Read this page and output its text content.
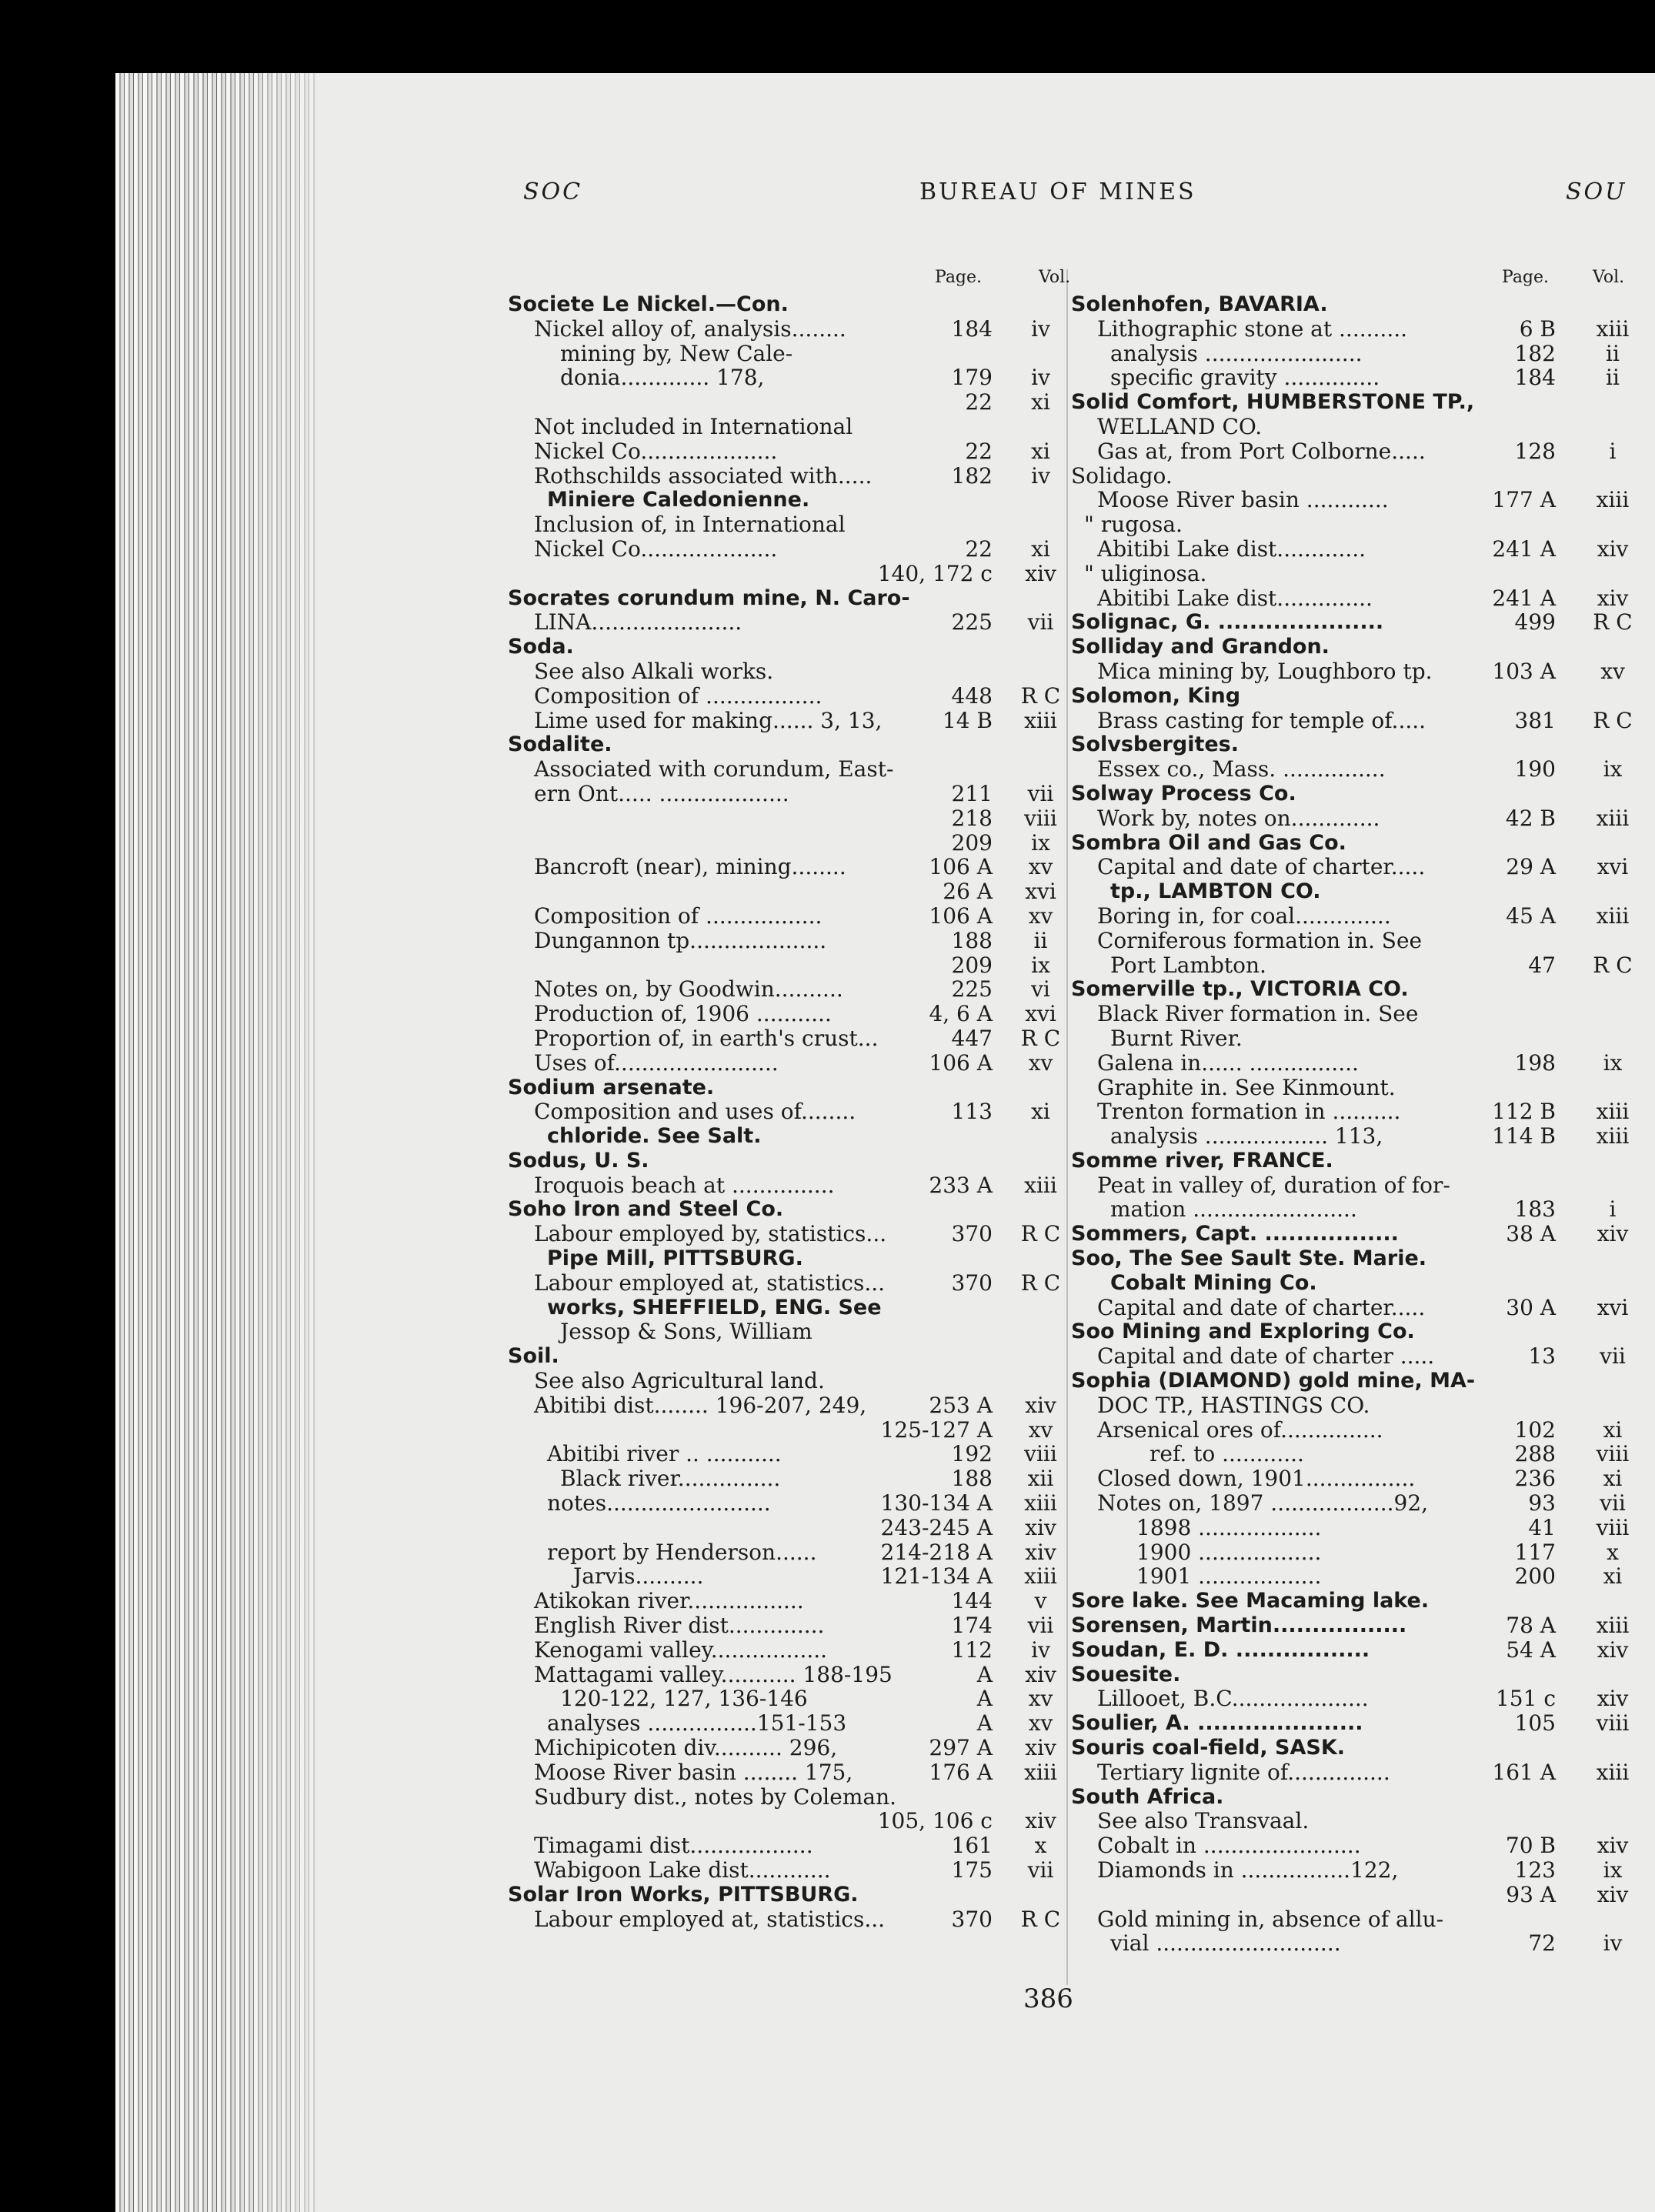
SOC	BUREAU OF MINES	SOU
Page.	Vol.
Societe Le Nickel.—Con.
Nickel alloy of, analysis........	184	iv
mining by, New Cale-
donia............. 178,	179	iv
22	xi
Not included in International
Nickel Co....................	22	xi
Rothschilds associated with.....	182	iv
Miniere Caledonienne.
Inclusion of, in International
Nickel Co....................	22	xi
140, 172 c xiv
Socrates corundum mine, N. Caro-
LINA......................	225	vii
Soda.
See also Alkali works.
Composition of .................	448 R C
Lime used for making...... 3, 13,	14 B xiii
Sodalite.
Associated with corundum, East-
ern Ont..... ...................	211	vii
218 viii
209	ix
Bancroft (near), mining........	106 A	xv
26 A xvi
Composition of .................	106 A	xv
Dungannon tp....................	188	ii
209	ix
Notes on, by Goodwin..........	225	vi
Production of, 1906 ...........	4, 6 A xvi
Proportion of, in earth's crust...	447 R C
Uses of........................	106 A	xv
Sodium arsenate.
Composition and uses of........	113	xi
chloride. See Salt.
Sodus, U. S.
Iroquois beach at ...............	233 A xiii
Soho Iron and Steel Co.
Labour employed by, statistics...	370 R C
Pipe Mill, PITTSBURG.
Labour employed at, statistics...	370 R C
works, SHEFFIELD, ENG. See
Jessop & Sons, William
Soil.
See also Agricultural land.
Abitibi dist........ 196-207, 249,	253 A xiv
125-127 A	xv
Abitibi river .. ...........	192 viii
Black river...............	188	xii
notes........................	130-134 A xiii
243-245 A xiv
report by Henderson......	214-218 A xiv
Jarvis..........	121-134 A xiii
Atikokan river.................	144	v
English River dist..............	174	vii
Kenogami valley.................	112	iv
Mattagami valley........... 188-195	A xiv
120-122, 127, 136-146	A	xv
analyses ................151-153	A	xv
Michipicoten div.......... 296,	297 A xiv
Moose River basin ........ 175,	176 A xiii
Sudbury dist., notes by Coleman.
105, 106 c xiv
Timagami dist..................	161	x
Wabigoon Lake dist............	175	vii
Solar Iron Works, PITTSBURG.
Labour employed at, statistics...	370 R C
Page.	Vol.
Solenhofen, BAVARIA.
Lithographic stone at ..........	6 B xiii
analysis .......................	182	ii
specific gravity ..............	184	ii
Solid Comfort, HUMBERSTONE TP.,
WELLAND CO.
Gas at, from Port Colborne.....	128	i
Solidago.
Moose River basin ............	177 A xiii
" rugosa.
Abitibi Lake dist.............	241 A	xiv
" uliginosa.
Abitibi Lake dist..............	241 A	xiv
Solignac, G. .....................	499 R C
Solliday and Grandon.
Mica mining by, Loughboro tp.	103 A	xv
Solomon, King
Brass casting for temple of.....	381 R C
Solvsbergites.
Essex co., Mass. ...............	190	ix
Solway Process Co.
Work by, notes on.............	42 B xiii
Sombra Oil and Gas Co.
Capital and date of charter.....	29 A	xvi
tp., LAMBTON CO.
Boring in, for coal..............	45 A xiii
Corniferous formation in. See
Port Lambton.	47 R C
Somerville tp., VICTORIA CO.
Black River formation in. See
Burnt River.
Galena in...... ................	198	ix
Graphite in. See Kinmount.
Trenton formation in ..........	112 B xiii
analysis .................. 113,	114 B xiii
Somme river, FRANCE.
Peat in valley of, duration of for-
mation ........................	183	i
Sommers, Capt. .................	38 A	xiv
Soo, The See Sault Ste. Marie.
Cobalt Mining Co.
Capital and date of charter.....	30 A	xvi
Soo Mining and Exploring Co.
Capital and date of charter .....	13	vii
Sophia (DIAMOND) gold mine, MA-
DOC TP., HASTINGS CO.
Arsenical ores of...............	102	xi
ref. to ............	288 viii
Closed down, 1901................	236	xi
Notes on, 1897 ..................92,	93	vii
1898 ..................	41 viii
1900 ..................	117	x
1901 ..................	200	xi
Sore lake. See Macaming lake.
Sorensen, Martin.................	78 A xiii
Soudan, E. D. .................	54 A	xiv
Souesite.
Lillooet, B.C....................	151 c	xiv
Soulier, A. .....................	105 viii
Souris coal-field, SASK.
Tertiary lignite of...............	161 A xiii
South Africa.
See also Transvaal.
Cobalt in .......................	70 B	xiv
Diamonds in ................122,	123	ix
93 A	xiv
Gold mining in, absence of allu-
vial ...........................	72	iv
386
